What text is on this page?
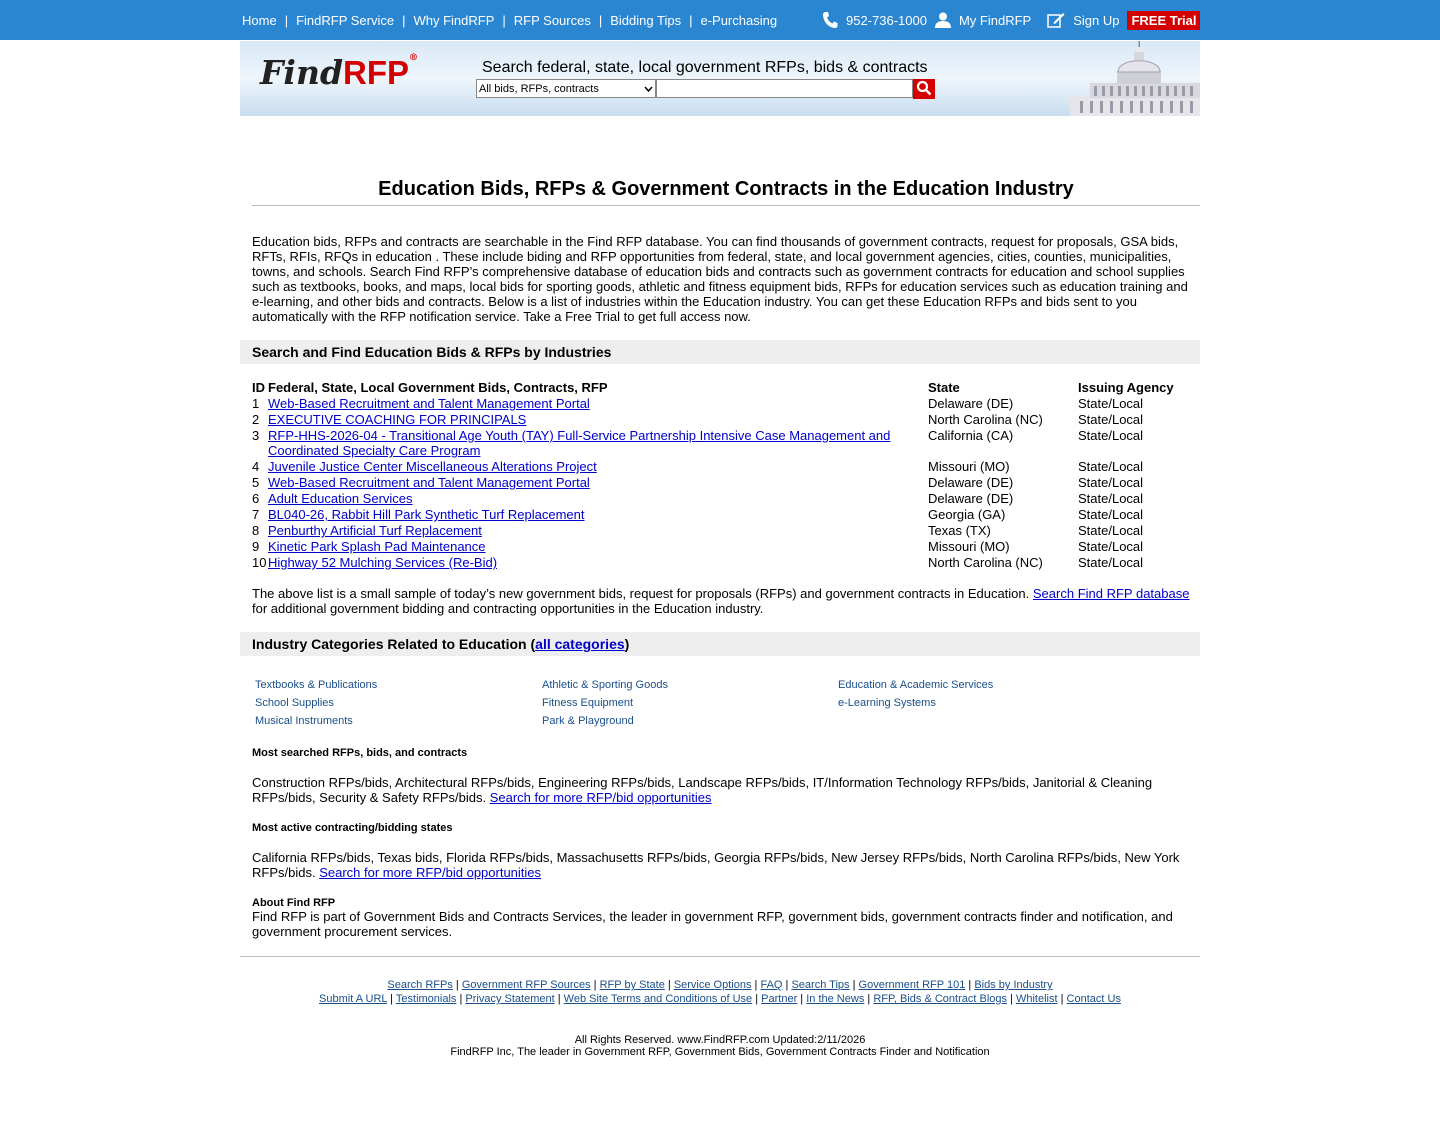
Home | FindRFP Service | Why FindRFP | RFP Sources | Bidding Tips | e-Purchasing	952-736-1000 My FindRFP	Sign Up FREE Trial
FindRFP®
Search federal, state, local government RFPs, bids & contracts
All bids, RFPs, contracts
Education Bids, RFPs & Government Contracts in the Education Industry
Education bids, RFPs and contracts are searchable in the Find RFP database. You can find thousands of government contracts, request for proposals, GSA bids, RFTs, RFIs, RFQs in education . These include biding and RFP opportunities from federal, state, and local government agencies, cities, counties, municipalities, towns, and schools. Search Find RFP’s comprehensive database of education bids and contracts such as government contracts for education and school supplies such as textbooks, books, and maps, local bids for sporting goods, athletic and fitness equipment bids, RFPs for education services such as education training and e-learning, and other bids and contracts. Below is a list of industries within the Education industry. You can get these Education RFPs and bids sent to you automatically with the RFP notification service. Take a Free Trial to get full access now.
Search and Find Education Bids & RFPs by Industries
ID	Federal, State, Local Government Bids, Contracts, RFP	State	Issuing Agency
1	Web-Based Recruitment and Talent Management Portal	Delaware (DE)	State/Local
2	EXECUTIVE COACHING FOR PRINCIPALS	North Carolina (NC)	State/Local
3	RFP-HHS-2026-04 - Transitional Age Youth (TAY) Full-Service Partnership Intensive Case Management and Coordinated Specialty Care Program	California (CA)	State/Local
4	Juvenile Justice Center Miscellaneous Alterations Project	Missouri (MO)	State/Local
5	Web-Based Recruitment and Talent Management Portal	Delaware (DE)	State/Local
6	Adult Education Services	Delaware (DE)	State/Local
7	BL040-26, Rabbit Hill Park Synthetic Turf Replacement	Georgia (GA)	State/Local
8	Penburthy Artificial Turf Replacement	Texas (TX)	State/Local
9	Kinetic Park Splash Pad Maintenance	Missouri (MO)	State/Local
10	Highway 52 Mulching Services (Re-Bid)	North Carolina (NC)	State/Local
The above list is a small sample of today’s new government bids, request for proposals (RFPs) and government contracts in Education. Search Find RFP database for additional government bidding and contracting opportunities in the Education industry.
Industry Categories Related to Education (all categories)
Textbooks & Publications
School Supplies
Musical Instruments
Athletic & Sporting Goods
Fitness Equipment
Park & Playground
Education & Academic Services
e-Learning Systems
Most searched RFPs, bids, and contracts
Construction RFPs/bids, Architectural RFPs/bids, Engineering RFPs/bids, Landscape RFPs/bids, IT/Information Technology RFPs/bids, Janitorial & Cleaning RFPs/bids, Security & Safety RFPs/bids. Search for more RFP/bid opportunities
Most active contracting/bidding states
California RFPs/bids, Texas bids, Florida RFPs/bids, Massachusetts RFPs/bids, Georgia RFPs/bids, New Jersey RFPs/bids, North Carolina RFPs/bids, New York RFPs/bids. Search for more RFP/bid opportunities
About Find RFP
Find RFP is part of Government Bids and Contracts Services, the leader in government RFP, government bids, government contracts finder and notification, and government procurement services.
Search RFPs | Government RFP Sources | RFP by State | Service Options | FAQ | Search Tips | Government RFP 101 | Bids by Industry
Submit A URL | Testimonials | Privacy Statement | Web Site Terms and Conditions of Use | Partner | In the News | RFP, Bids & Contract Blogs | Whitelist | Contact Us
All Rights Reserved. www.FindRFP.com Updated:2/11/2026
FindRFP Inc, The leader in Government RFP, Government Bids, Government Contracts Finder and Notification
